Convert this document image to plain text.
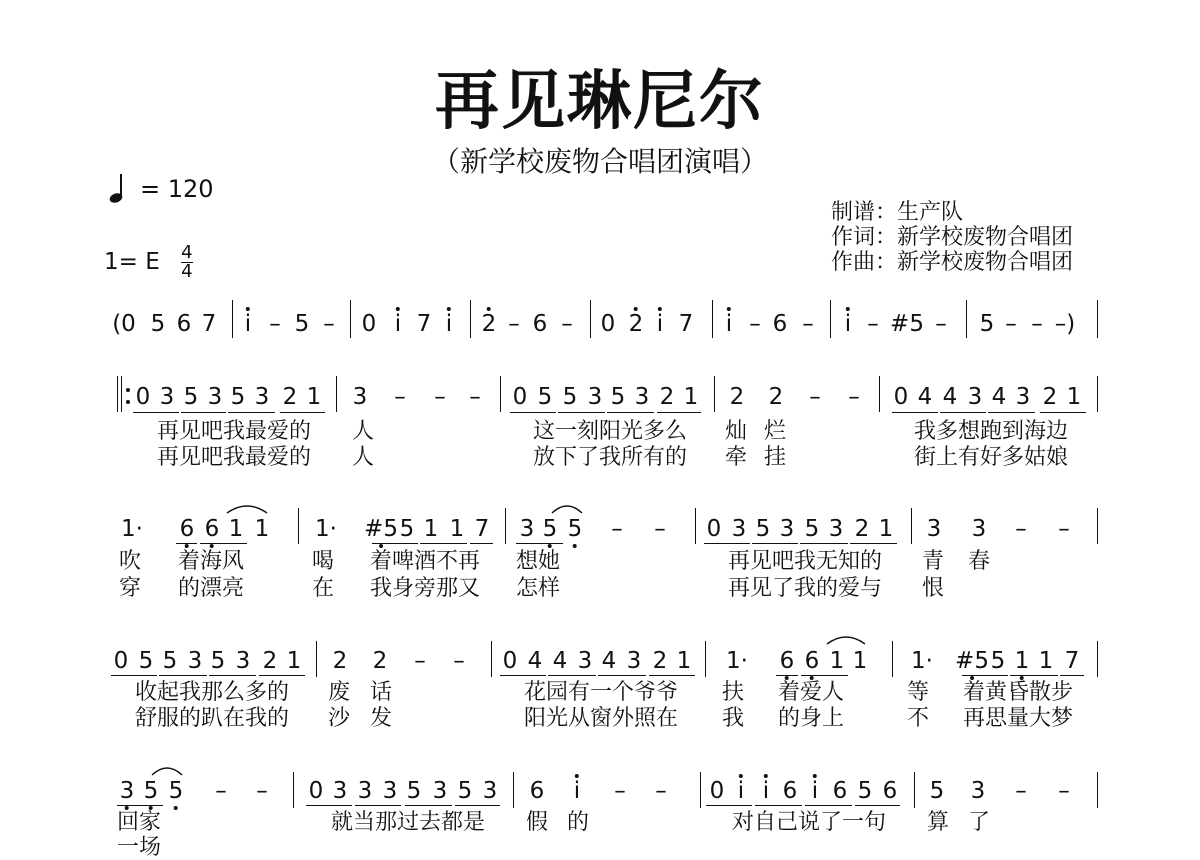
再见琳尼尔
（新学校废物合唱团演唱）
= 120
1= E $\frac{4}{4}$
制谱：生产队
作词：新学校废物合唱团
作曲：新学校废物合唱团
(0 5 6 7 i – 5 – 0 i 7 i 2 – 6 – 0 2 i 7 i – 6 – i – #5 – 5 – – –)
0 3 5 3 5 3 2 1 3 – – – 0 5 5 3 5 3 2 1 2 2 – – 0 4 4 3 4 3 2 1
再见吧我最爱的 人	这一刻阳光多么 灿 烂	我多想跑到海边
再见吧我最爱的 人	放下了我所有的 牵 挂	街上有好多姑娘
1· 6 6 1 1 1· #5 5 1 1 7 3 5 5 – – 0 3 5 3 5 3 2 1 3 3 – –
吹 着海风	喝 着啤酒不再 想她	再见吧我无知的 青 春
穿 的漂亮	在 我身旁那又 怎样	再见了我的爱与 恨
0 5 5 3 5 3 2 1 2 2 – – 0 4 4 3 4 3 2 1 1· 6 6 1 1 1· #5 5 1 1 7
收起我那么多的 废 话	花园有一个爷爷 扶 着爱人	等 着黄昏散步
舒服的趴在我的 沙 发	阳光从窗外照在 我 的身上	不 再思量大梦
3 5 5 – – 0 3 3 3 5 3 5 3 6 i – – 0 i i 6 i 6 5 6 5 3 – –
回家	就当那过去都是 假 的	对自己说了一句 算 了
一场
